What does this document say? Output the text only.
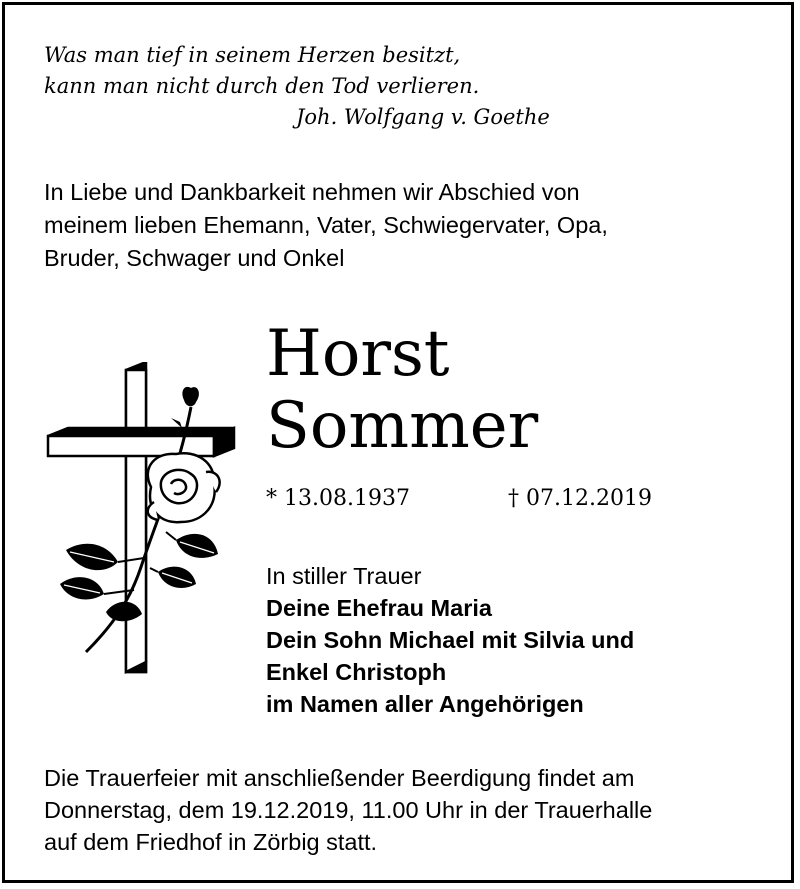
Was man tief in seinem Herzen besitzt,
kann man nicht durch den Tod verlieren.
Joh. Wolfgang v. Goethe
In Liebe und Dankbarkeit nehmen wir Abschied von
meinem lieben Ehemann, Vater, Schwiegervater, Opa,
Bruder, Schwager und Onkel
Horst
Sommer
* 13.08.1937	† 07.12.2019
In stiller Trauer
Deine Ehefrau Maria
Dein Sohn Michael mit Silvia und
Enkel Christoph
im Namen aller Angehörigen
Die Trauerfeier mit anschließender Beerdigung findet am
Donnerstag, dem 19.12.2019, 11.00 Uhr in der Trauerhalle
auf dem Friedhof in Zörbig statt.
